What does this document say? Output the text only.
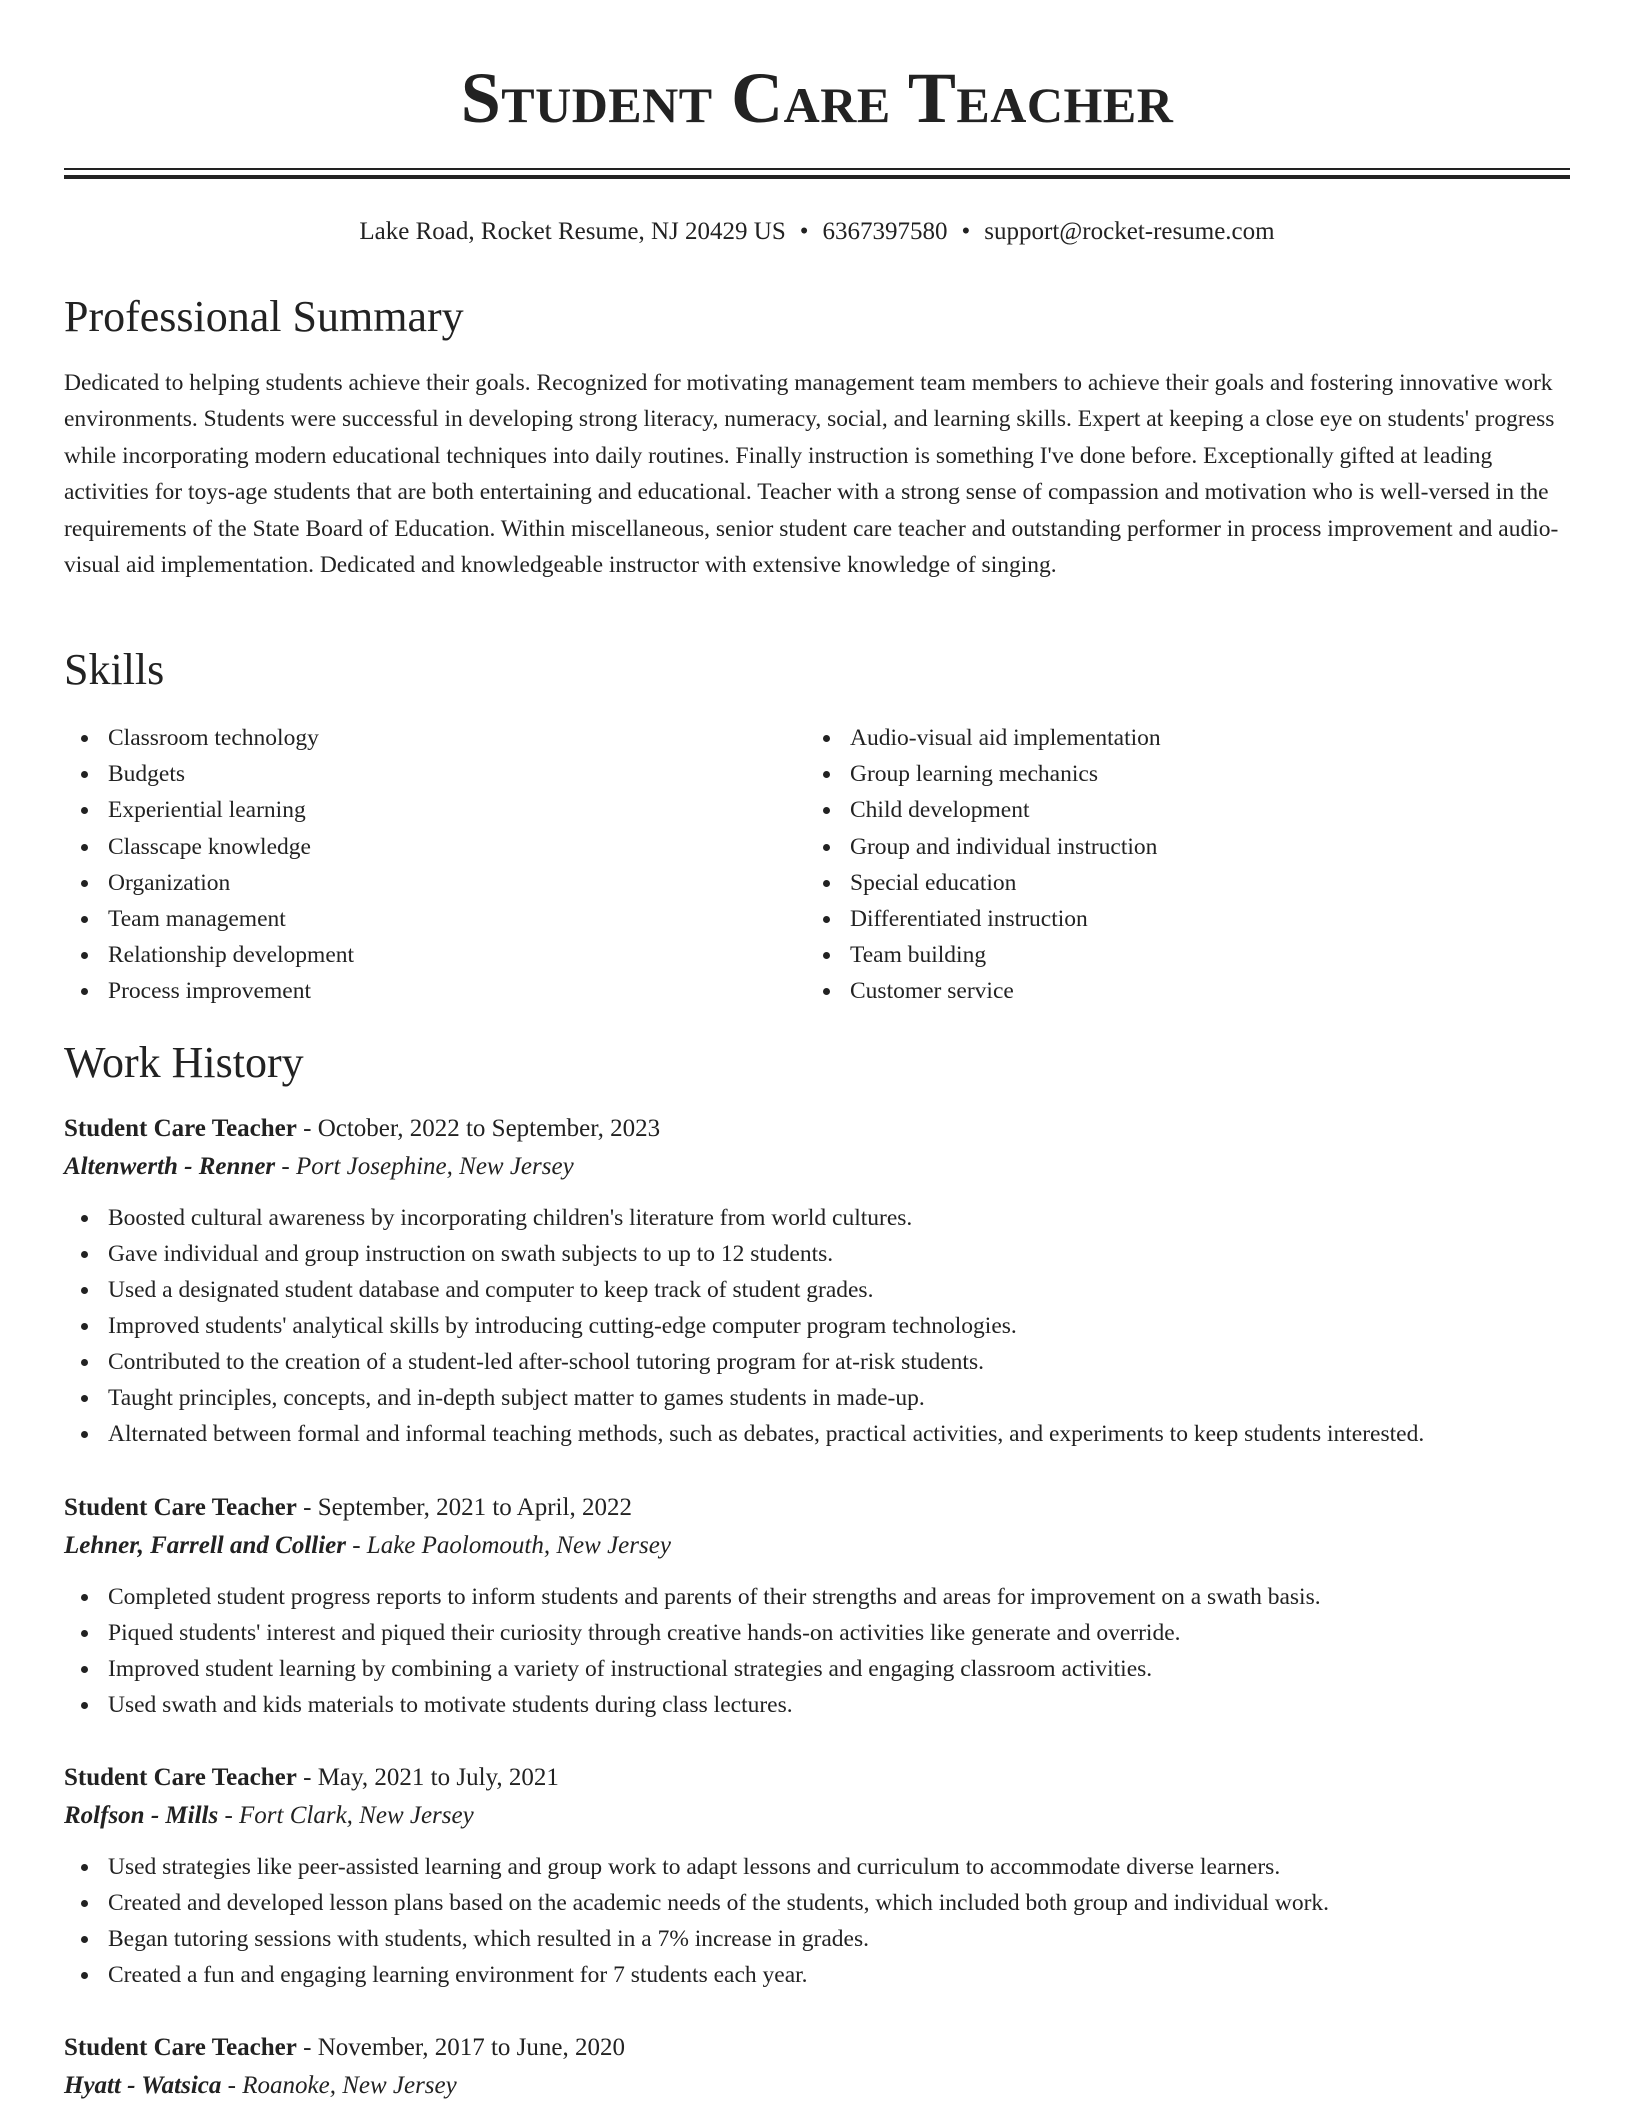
Student Care Teacher
Lake Road, Rocket Resume, NJ 20429 US • 6367397580 • support@rocket-resume.com
Professional Summary

Dedicated to helping students achieve their goals. Recognized for motivating management team members to achieve their goals and fostering innovative work environments. Students were successful in developing strong literacy, numeracy, social, and learning skills. Expert at keeping a close eye on students' progress while incorporating modern educational techniques into daily routines. Finally instruction is something I've done before. Exceptionally gifted at leading activities for toys-age students that are both entertaining and educational. Teacher with a strong sense of compassion and motivation who is well-versed in the requirements of the State Board of Education. Within miscellaneous, senior student care teacher and outstanding performer in process improvement and audio-visual aid implementation. Dedicated and knowledgeable instructor with extensive knowledge of singing.

Skills
Classroom technology
Budgets
Experiential learning
Classcape knowledge
Organization
Team management
Relationship development
Process improvement
Audio-visual aid implementation
Group learning mechanics
Child development
Group and individual instruction
Special education
Differentiated instruction
Team building
Customer service
Work History
Student Care Teacher - October, 2022 to September, 2023
Altenwerth - Renner - Port Josephine, New Jersey
Boosted cultural awareness by incorporating children's literature from world cultures.
Gave individual and group instruction on swath subjects to up to 12 students.
Used a designated student database and computer to keep track of student grades.
Improved students' analytical skills by introducing cutting-edge computer program technologies.
Contributed to the creation of a student-led after-school tutoring program for at-risk students.
Taught principles, concepts, and in-depth subject matter to games students in made-up.
Alternated between formal and informal teaching methods, such as debates, practical activities, and experiments to keep students interested.
Student Care Teacher - September, 2021 to April, 2022
Lehner, Farrell and Collier - Lake Paolomouth, New Jersey
Completed student progress reports to inform students and parents of their strengths and areas for improvement on a swath basis.
Piqued students' interest and piqued their curiosity through creative hands-on activities like generate and override.
Improved student learning by combining a variety of instructional strategies and engaging classroom activities.
Used swath and kids materials to motivate students during class lectures.
Student Care Teacher - May, 2021 to July, 2021
Rolfson - Mills - Fort Clark, New Jersey
Used strategies like peer-assisted learning and group work to adapt lessons and curriculum to accommodate diverse learners.
Created and developed lesson plans based on the academic needs of the students, which included both group and individual work.
Began tutoring sessions with students, which resulted in a 7% increase in grades.
Created a fun and engaging learning environment for 7 students each year.
Student Care Teacher - November, 2017 to June, 2020
Hyatt - Watsica - Roanoke, New Jersey
